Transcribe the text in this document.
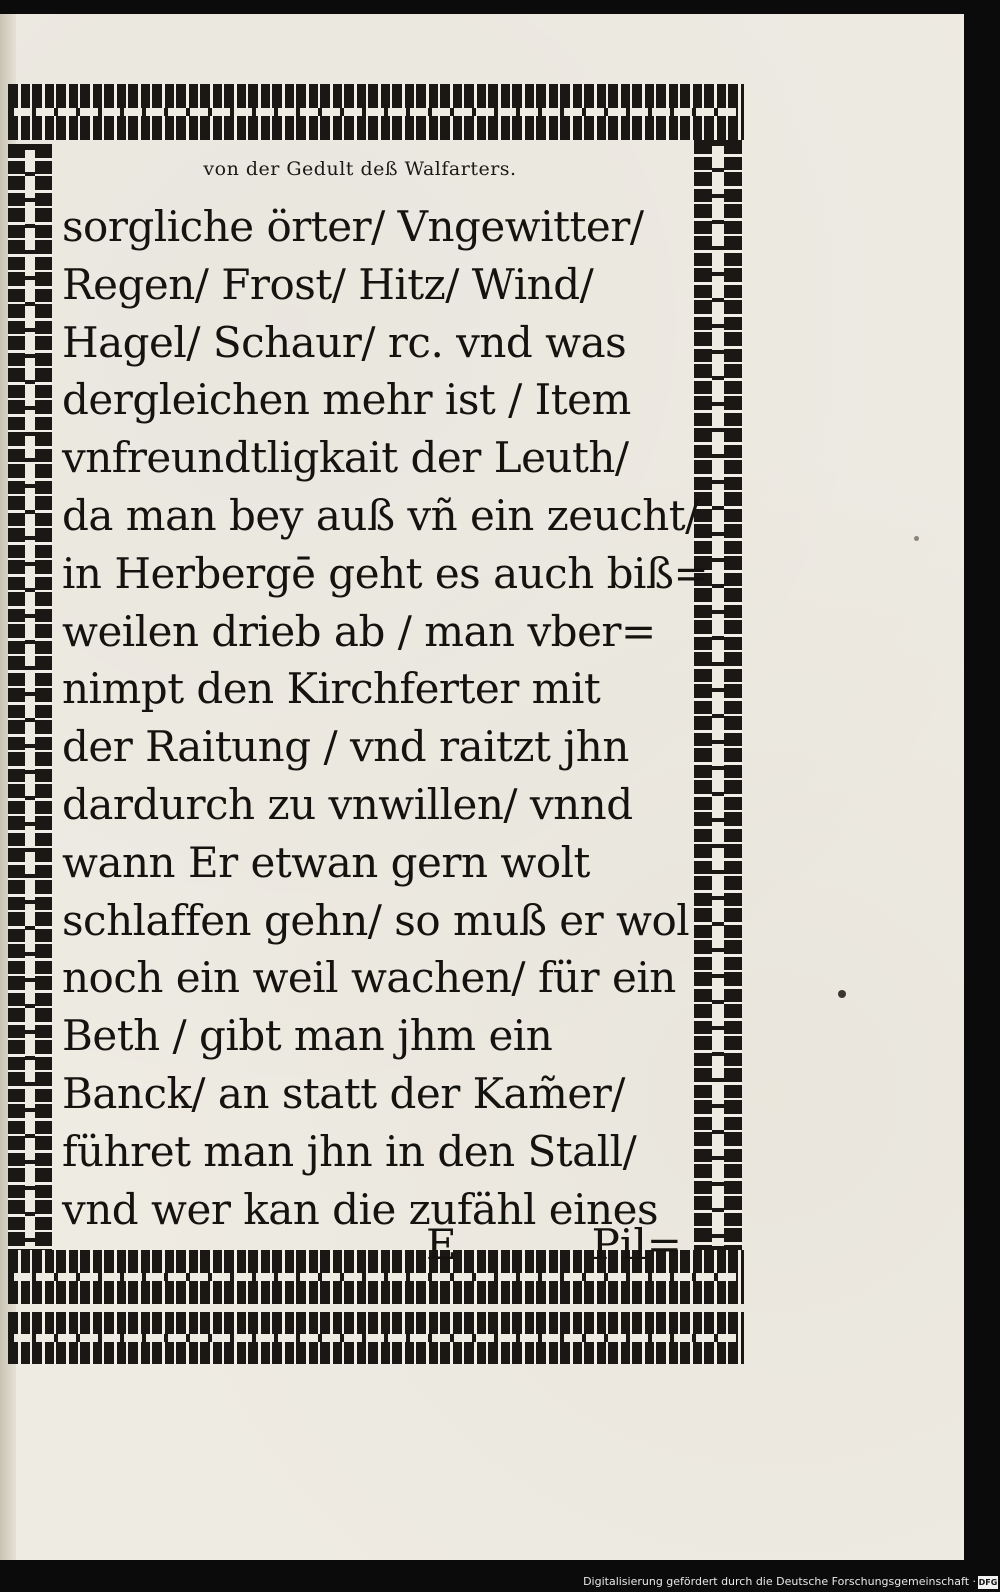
von der Gedult deß Walfarters.
sorgliche örter/ Vngewitter/
Regen/ Frost/ Hitz/ Wind/
Hagel/ Schaur/ rc. vnd was
dergleichen mehr ist / Item
vnfreundtligkait der Leuth/
da man bey auß vñ ein zeucht/
in Herbergē geht es auch biß=
weilen drieb ab / man vber=
nimpt den Kirchferter mit
der Raitung / vnd raitzt jhn
dardurch zu vnwillen/ vnnd
wann Er etwan gern wolt
schlaffen gehn/ so muß er wol
noch ein weil wachen/ für ein
Beth / gibt man jhm ein
Banck/ an statt der Kam̃er/
führet man jhn in den Stall/
vnd wer kan die zufähl eines
E	Pil=
Digitalisierung gefördert durch die Deutsche Forschungsgemeinschaft · DFG
